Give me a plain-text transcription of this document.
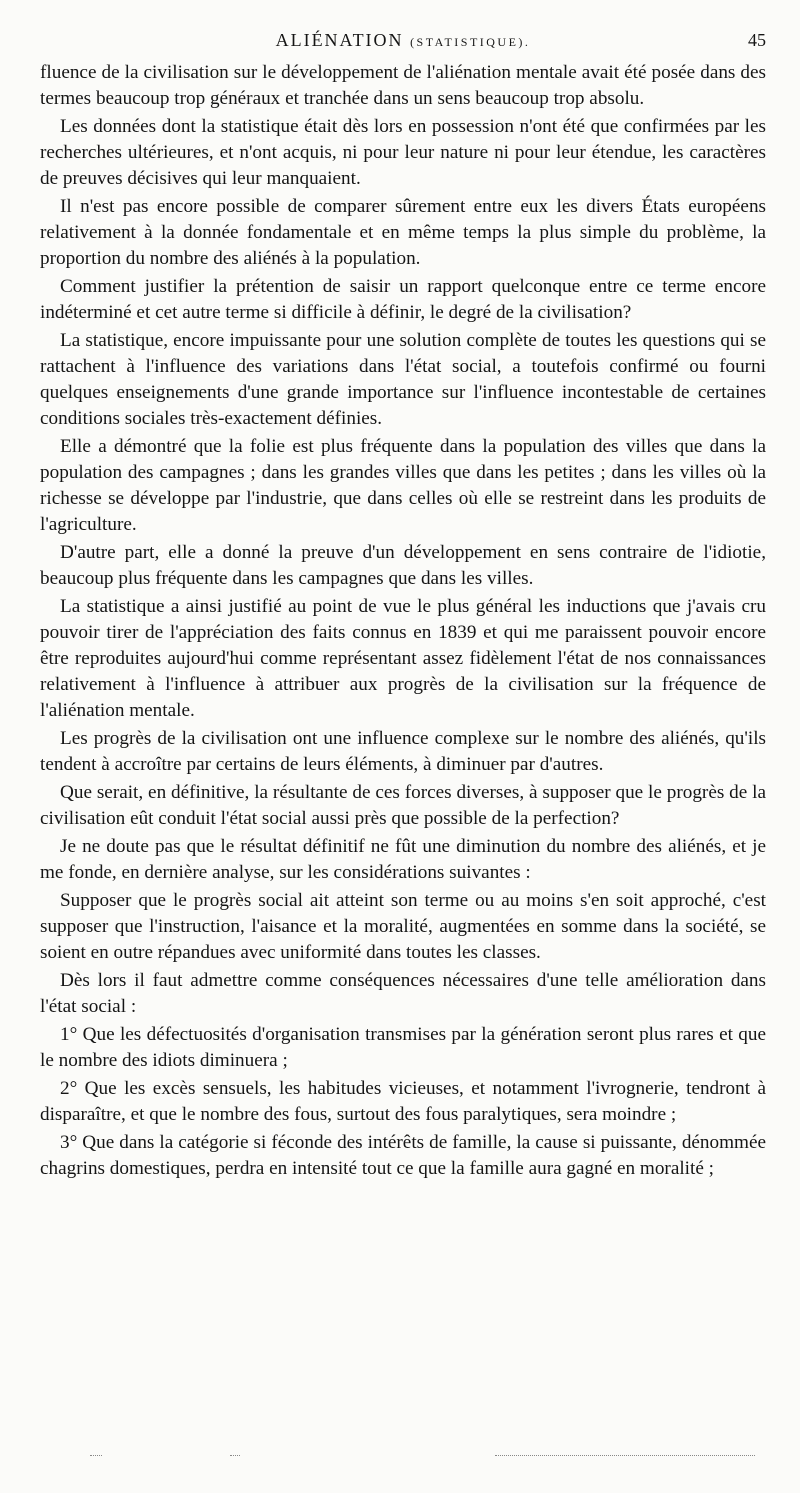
ALIÉNATION (STATISTIQUE).	45

fluence de la civilisation sur le développement de l'aliénation mentale avait été posée dans des termes beaucoup trop généraux et tranchée dans un sens beaucoup trop absolu.

Les données dont la statistique était dès lors en possession n'ont été que confirmées par les recherches ultérieures, et n'ont acquis, ni pour leur nature ni pour leur étendue, les caractères de preuves décisives qui leur manquaient.

Il n'est pas encore possible de comparer sûrement entre eux les divers États européens relativement à la donnée fondamentale et en même temps la plus simple du problème, la proportion du nombre des aliénés à la population.

Comment justifier la prétention de saisir un rapport quelconque entre ce terme encore indéterminé et cet autre terme si difficile à définir, le degré de la civilisation?

La statistique, encore impuissante pour une solution complète de toutes les questions qui se rattachent à l'influence des variations dans l'état social, a toutefois confirmé ou fourni quelques enseignements d'une grande importance sur l'influence incontestable de certaines conditions sociales très-exactement définies.

Elle a démontré que la folie est plus fréquente dans la population des villes que dans la population des campagnes ; dans les grandes villes que dans les petites ; dans les villes où la richesse se développe par l'industrie, que dans celles où elle se restreint dans les produits de l'agriculture.

D'autre part, elle a donné la preuve d'un développement en sens contraire de l'idiotie, beaucoup plus fréquente dans les campagnes que dans les villes.

La statistique a ainsi justifié au point de vue le plus général les inductions que j'avais cru pouvoir tirer de l'appréciation des faits connus en 1839 et qui me paraissent pouvoir encore être reproduites aujourd'hui comme représentant assez fidèlement l'état de nos connaissances relativement à l'influence à attribuer aux progrès de la civilisation sur la fréquence de l'aliénation mentale.

Les progrès de la civilisation ont une influence complexe sur le nombre des aliénés, qu'ils tendent à accroître par certains de leurs éléments, à diminuer par d'autres.

Que serait, en définitive, la résultante de ces forces diverses, à supposer que le progrès de la civilisation eût conduit l'état social aussi près que possible de la perfection?

Je ne doute pas que le résultat définitif ne fût une diminution du nombre des aliénés, et je me fonde, en dernière analyse, sur les considérations suivantes :

Supposer que le progrès social ait atteint son terme ou au moins s'en soit approché, c'est supposer que l'instruction, l'aisance et la moralité, augmentées en somme dans la société, se soient en outre répandues avec uniformité dans toutes les classes.

Dès lors il faut admettre comme conséquences nécessaires d'une telle amélioration dans l'état social :

1° Que les défectuosités d'organisation transmises par la génération seront plus rares et que le nombre des idiots diminuera ;

2° Que les excès sensuels, les habitudes vicieuses, et notamment l'ivrognerie, tendront à disparaître, et que le nombre des fous, surtout des fous paralytiques, sera moindre ;

3° Que dans la catégorie si féconde des intérêts de famille, la cause si puissante, dénommée chagrins domestiques, perdra en intensité tout ce que la famille aura gagné en moralité ;
